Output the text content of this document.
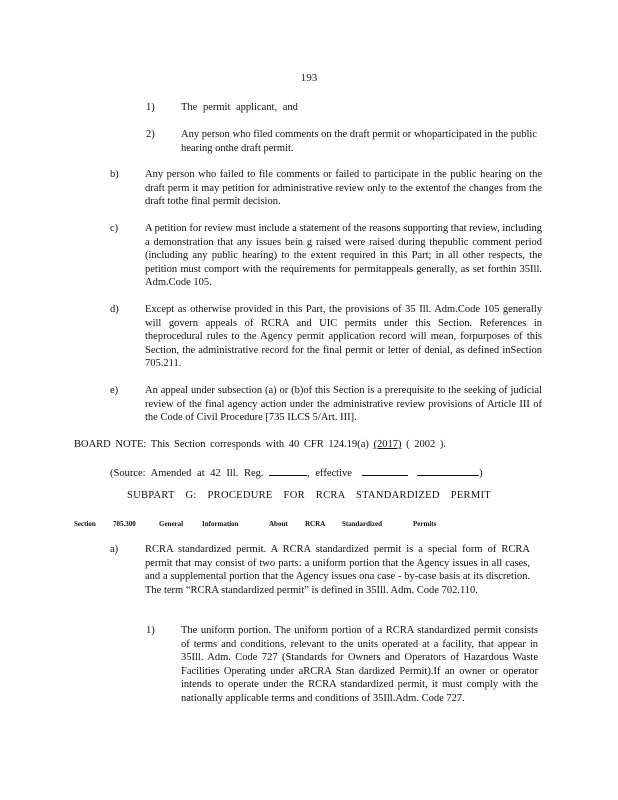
193
1)	The permit applicant, and
2)	Any person who filed comments on the draft permit or whoparticipated in the public hearing onthe draft permit.
b)	Any person who failed to file comments or failed to participate in the public hearing on the draft perm it may petition for administrative review only to the extentof the changes from the draft tothe final permit decision.
c)	A petition for review must include a statement of the reasons supporting that review, including a demonstration that any issues bein g raised were raised during thepublic comment period (including any public hearing) to the extent required in this Part; in all other respects, the petition must comport with the requirements for permitappeals generally, as set forthin 35Ill. Adm.Code 105.
d)	Except as otherwise provided in this Part, the provisions of 35 Ill. Adm.Code 105 generally will govern appeals of RCRA and UIC permits under this Section. References in theprocedural rules to the Agency permit application record will mean, forpurposes of this Section, the administrative record for the final permit or letter of denial, as defined inSection 705.211.
e)	An appeal under subsection (a) or (b)of this Section is a prerequisite to the seeking of judicial review of the final agency action under the administrative review provisions of Article III of the Code of Civil Procedure [735 ILCS 5/Art. III].
BOARD NOTE: This Section corresponds with 40 CFR 124.19(a) (2017) ( 2002 ).
(Source: Amended at 42 Ill. Reg.	, effective	)
SUBPART G: PROCEDURE FOR RCRA STANDARDIZED PERMIT
Section 705.300	General	Information	About RCRA Standardized	Permits
a)	RCRA standardized permit. A RCRA standardized permit is a special form of RCRA permit that may consist of two parts: a uniform portion that the Agency issues in all cases, and a supplemental portion that the Agency issues ona case - by-case basis at its discretion. The term “RCRA standardized permit” is defined in 35Ill. Adm. Code 702.110.
1)	The uniform portion. The uniform portion of a RCRA standardized permit consists of terms and conditions, relevant to the units operated at a facility, that appear in 35Ill. Adm. Code 727 (Standards for Owners and Operators of Hazardous Waste Facilities Operating under aRCRA Stan dardized Permit).If an owner or operator intends to operate under the RCRA standardized permit, it must comply with the nationally applicable terms and conditions of 35Ill.Adm. Code 727.
